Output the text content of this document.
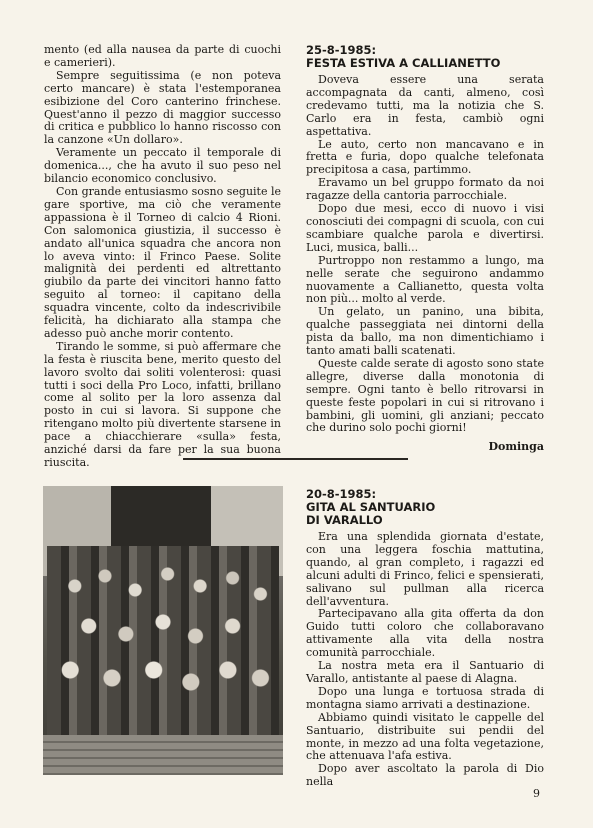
mento (ed alla nausea da parte di cuochi e camerieri).

Sempre seguitissima (e non poteva certo mancare) è stata l'estemporanea esibizione del Coro canterino frinchese. Quest'anno il pezzo di maggior successo di critica e pubblico lo hanno riscosso con la canzone «Un dollaro».

Veramente un peccato il temporale di domenica..., che ha avuto il suo peso nel bilancio economico conclusivo.

Con grande entusiasmo sosno seguite le gare sportive, ma ciò che veramente appassiona è il Torneo di calcio 4 Rioni. Con salomonica giustizia, il successo è andato all'unica squadra che ancora non lo aveva vinto: il Frinco Paese. Solite malignità dei perdenti ed altrettanto giubilo da parte dei vincitori hanno fatto seguito al torneo: il capitano della squadra vincente, colto da indescrivibile felicità, ha dichiarato alla stampa che adesso può anche morir contento.

Tirando le somme, si può affermare che la festa è riuscita bene, merito questo del lavoro svolto dai soliti volenterosi: quasi tutti i soci della Pro Loco, infatti, brillano come al solito per la loro assenza dal posto in cui si lavora. Si suppone che ritengano molto più divertente starsene in pace a chiacchierare «sulla» festa, anziché darsi da fare per la sua buona riuscita.

25-8-1985:
FESTA ESTIVA A CALLIANETTO

Doveva essere una serata accompagnata da canti, almeno, così credevamo tutti, ma la notizia che S. Carlo era in festa, cambiò ogni aspettativa.

Le auto, certo non mancavano e in fretta e furia, dopo qualche telefonata precipitosa a casa, partimmo.

Eravamo un bel gruppo formato da noi ragazze della cantoria parrocchiale.

Dopo due mesi, ecco di nuovo i visi conosciuti dei compagni di scuola, con cui scambiare qualche parola e divertirsi. Luci, musica, balli...

Purtroppo non restammo a lungo, ma nelle serate che seguirono andammo nuovamente a Callianetto, questa volta non più... molto al verde.

Un gelato, un panino, una bibita, qualche passeggiata nei dintorni della pista da ballo, ma non dimentichiamo i tanto amati balli scatenati.

Queste calde serate di agosto sono state allegre, diverse dalla monotonia di sempre. Ogni tanto è bello ritrovarsi in queste feste popolari in cui si ritrovano i bambini, gli uomini, gli anziani; peccato che durino solo pochi giorni!

Dominga
20-8-1985:
GITA AL SANTUARIO
DI VARALLO

Era una splendida giornata d'estate, con una leggera foschia mattutina, quando, al gran completo, i ragazzi ed alcuni adulti di Frinco, felici e spensierati, salivano sul pullman alla ricerca dell'avventura.

Partecipavano alla gita offerta da don Guido tutti coloro che collaboravano attivamente alla vita della nostra comunità parrocchiale.

La nostra meta era il Santuario di Varallo, antistante al paese di Alagna.

Dopo una lunga e tortuosa strada di montagna siamo arrivati a destinazione.

Abbiamo quindi visitato le cappelle del Santuario, distribuite sui pendii del monte, in mezzo ad una folta vegetazione, che attenuava l'afa estiva.

Dopo aver ascoltato la parola di Dio nella

9
